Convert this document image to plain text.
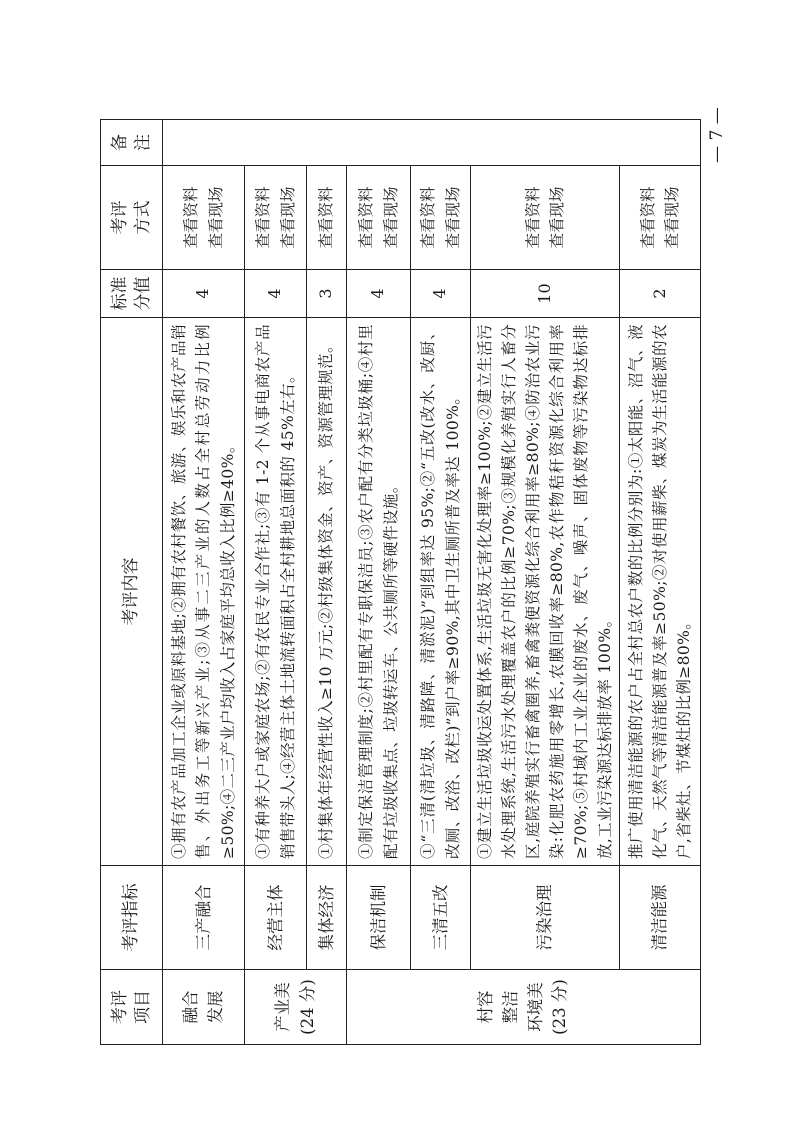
— 7 —
考评 项目	考评指标	考评内容	标准 分值	考评 方式	备 注

融合 发展	三产融合	①拥有农产品加工企业或原料基地;②拥有农村餐饮、旅游、娱乐和农产品销售、外出务工等新兴产业;③从事二三产业的人数占全村总劳动力比例≥50%;④二三产业户均收入占家庭平均总收入比例≥40%。	4	查看资料 查看现场	

产业美 (24 分)	经营主体	①有种养大户或家庭农场;②有农民专业合作社;③有 1-2 个从事电商农产品销售带头人;④经营主体土地流转面积占全村耕地总面积的 45%左右。	4	查看资料 查看现场	

	集体经济	①村集体年经营性收入≥10 万元;②村级集体资金、资产、资源管理规范。	3	查看资料	

村容 整洁 环境美 (23 分)	保洁机制	①制定保洁管理制度;②村里配有专职保洁员;③农户配有分类垃圾桶;④村里配有垃圾收集点、垃圾转运车、公共厕所等硬件设施。	4	查看资料 查看现场	

	三清五改	①“三清(清垃圾、清路障、清淤泥)”到组率达 95%;②“五改(改水、改厨、改厕、改浴、改栏)”到户率≥90%,其中卫生厕所普及率达 100%。	4	查看资料 查看现场	

	污染治理	①建立生活垃圾收运处置体系,生活垃圾无害化处理率≥100%;②建立生活污水处理系统,生活污水处理覆盖农户的比例≥70%;③规模化养殖实行人畜分区,庭院养殖实行畜禽圈养,畜禽粪便资源化综合利用率≥80%;④防治农业污染:化肥农药施用零增长,农膜回收率≥80%,农作物秸秆资源化综合利用率≥70%;⑤村域内工业企业的废水、废气、噪声、固体废物等污染物达标排放,工业污染源达标排放率 100%。	10	查看资料 查看现场	

	清洁能源	推广使用清洁能源的农户占全村总农户数的比例分别为:①太阳能、沼气、液化气、天然气等清洁能源普及率≥50%;②对使用薪柴、煤炭为生活能源的农户,省柴灶、节煤灶的比例≥80%。	2	查看资料 查看现场	
